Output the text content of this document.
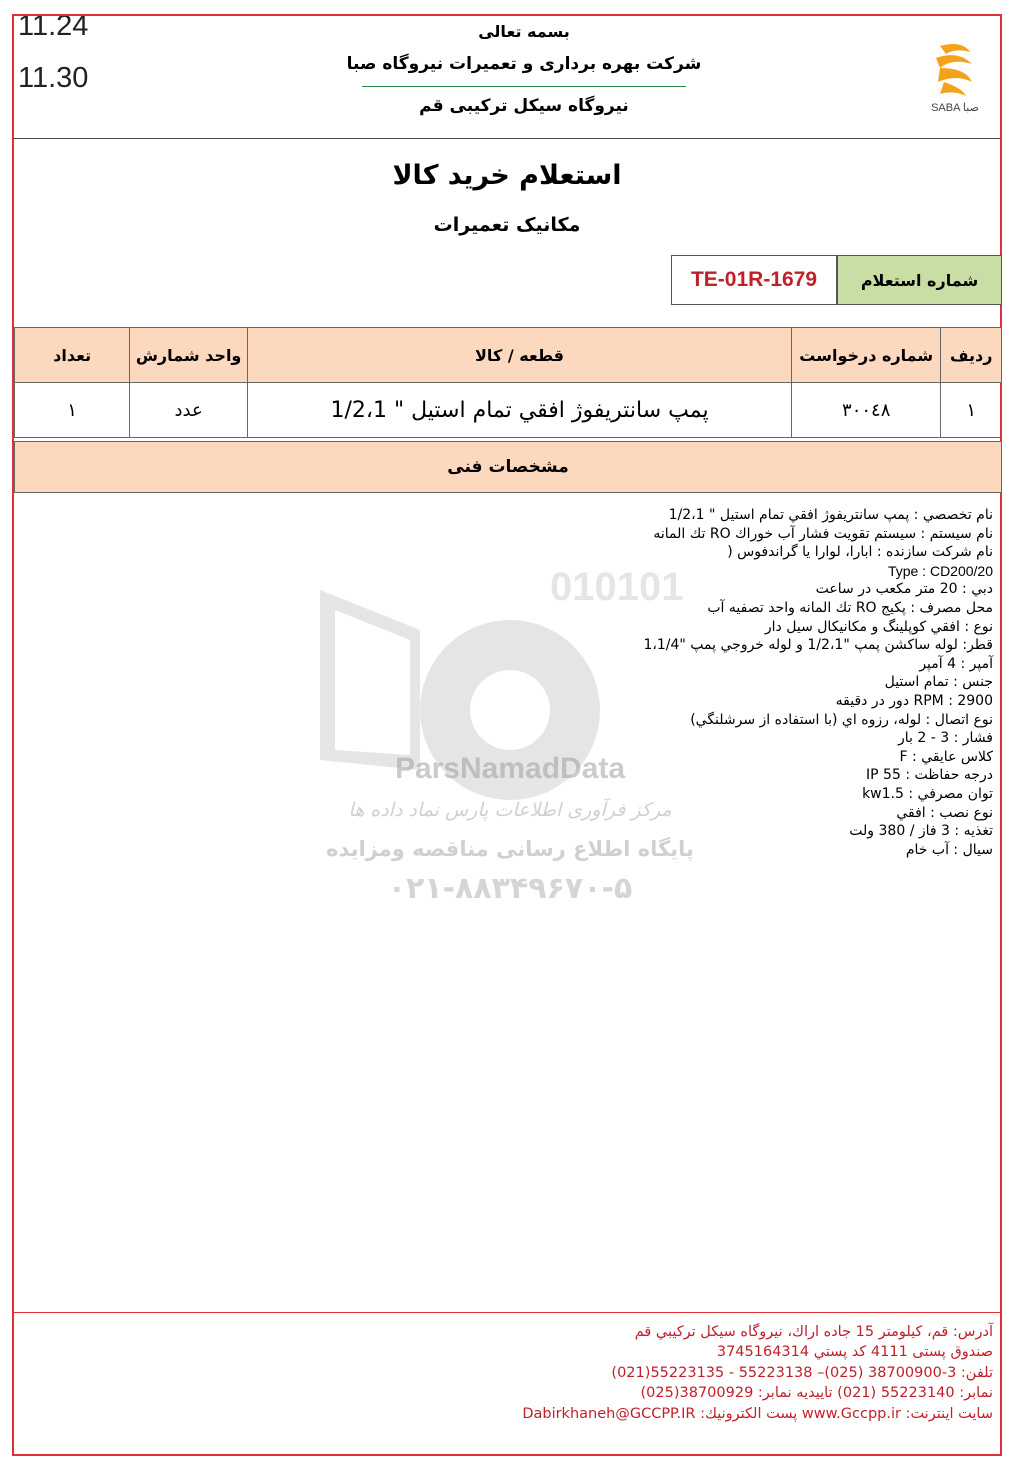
11.24
11.30
بسمه تعالی
شرکت بهره برداری و تعمیرات نیروگاه صبا
نیروگاه سیکل ترکیبی قم	SABA صبا
استعلام خرید کالا
مکانیک تعمیرات
TE-01R-1679	شماره استعلام
ردیف	شماره درخواست	قطعه / کالا	واحد شمارش	تعداد
١	٣٠٠٤٨	پمپ سانتريفوژ افقي تمام استيل " 1/2،1	عدد	١
مشخصات فنی
010101
ParsNamadData
مرکز فرآوری اطلاعات پارس نماد داده ها
پایگاه اطلاع رسانی مناقصه ومزایده
۰۲۱-۸۸۳۴۹۶۷۰-۵
نام تخصصي : پمپ سانتريفوژ افقي تمام استيل " 1/2،1
نام سيستم : سيستم تقويت فشار آب خوراك RO تك المانه
نام شركت سازنده : ابارا، لوارا يا گراندفوس (
Type : CD200/20
دبي : 20 متر مكعب در ساعت
محل مصرف : پكيج RO تك المانه واحد تصفيه آب
نوع : افقي كوپلينگ و مكانيكال سيل دار
قطر: لوله ساكشن پمپ "1/2،1 و لوله خروجي پمپ "1،1/4
آمپر : 4 آمپر
جنس : تمام استيل
RPM : 2900 دور در دقيقه
نوع اتصال : لوله، رزوه اي (با استفاده از سرشلنگي)
فشار : 3 - 2 بار
كلاس عايقي : F
درجه حفاظت : IP 55
توان مصرفي : kw1.5
نوع نصب : افقي
تغذيه : 3 فاز / 380 ولت
سيال : آب خام
آدرس: قم، كيلومتر 15 جاده اراك، نيروگاه سيكل تركيبي قم
صندوق پستی 4111 كد پستي 3745164314
تلفن: 3-38700900 (025)– 55223138 - 55223135(021)
نمابر: 55223140 (021) تاييديه نمابر: 38700929(025)
سايت اينترنت: www.Gccpp.ir پست الكترونيك: Dabirkhaneh@GCCPP.IR
